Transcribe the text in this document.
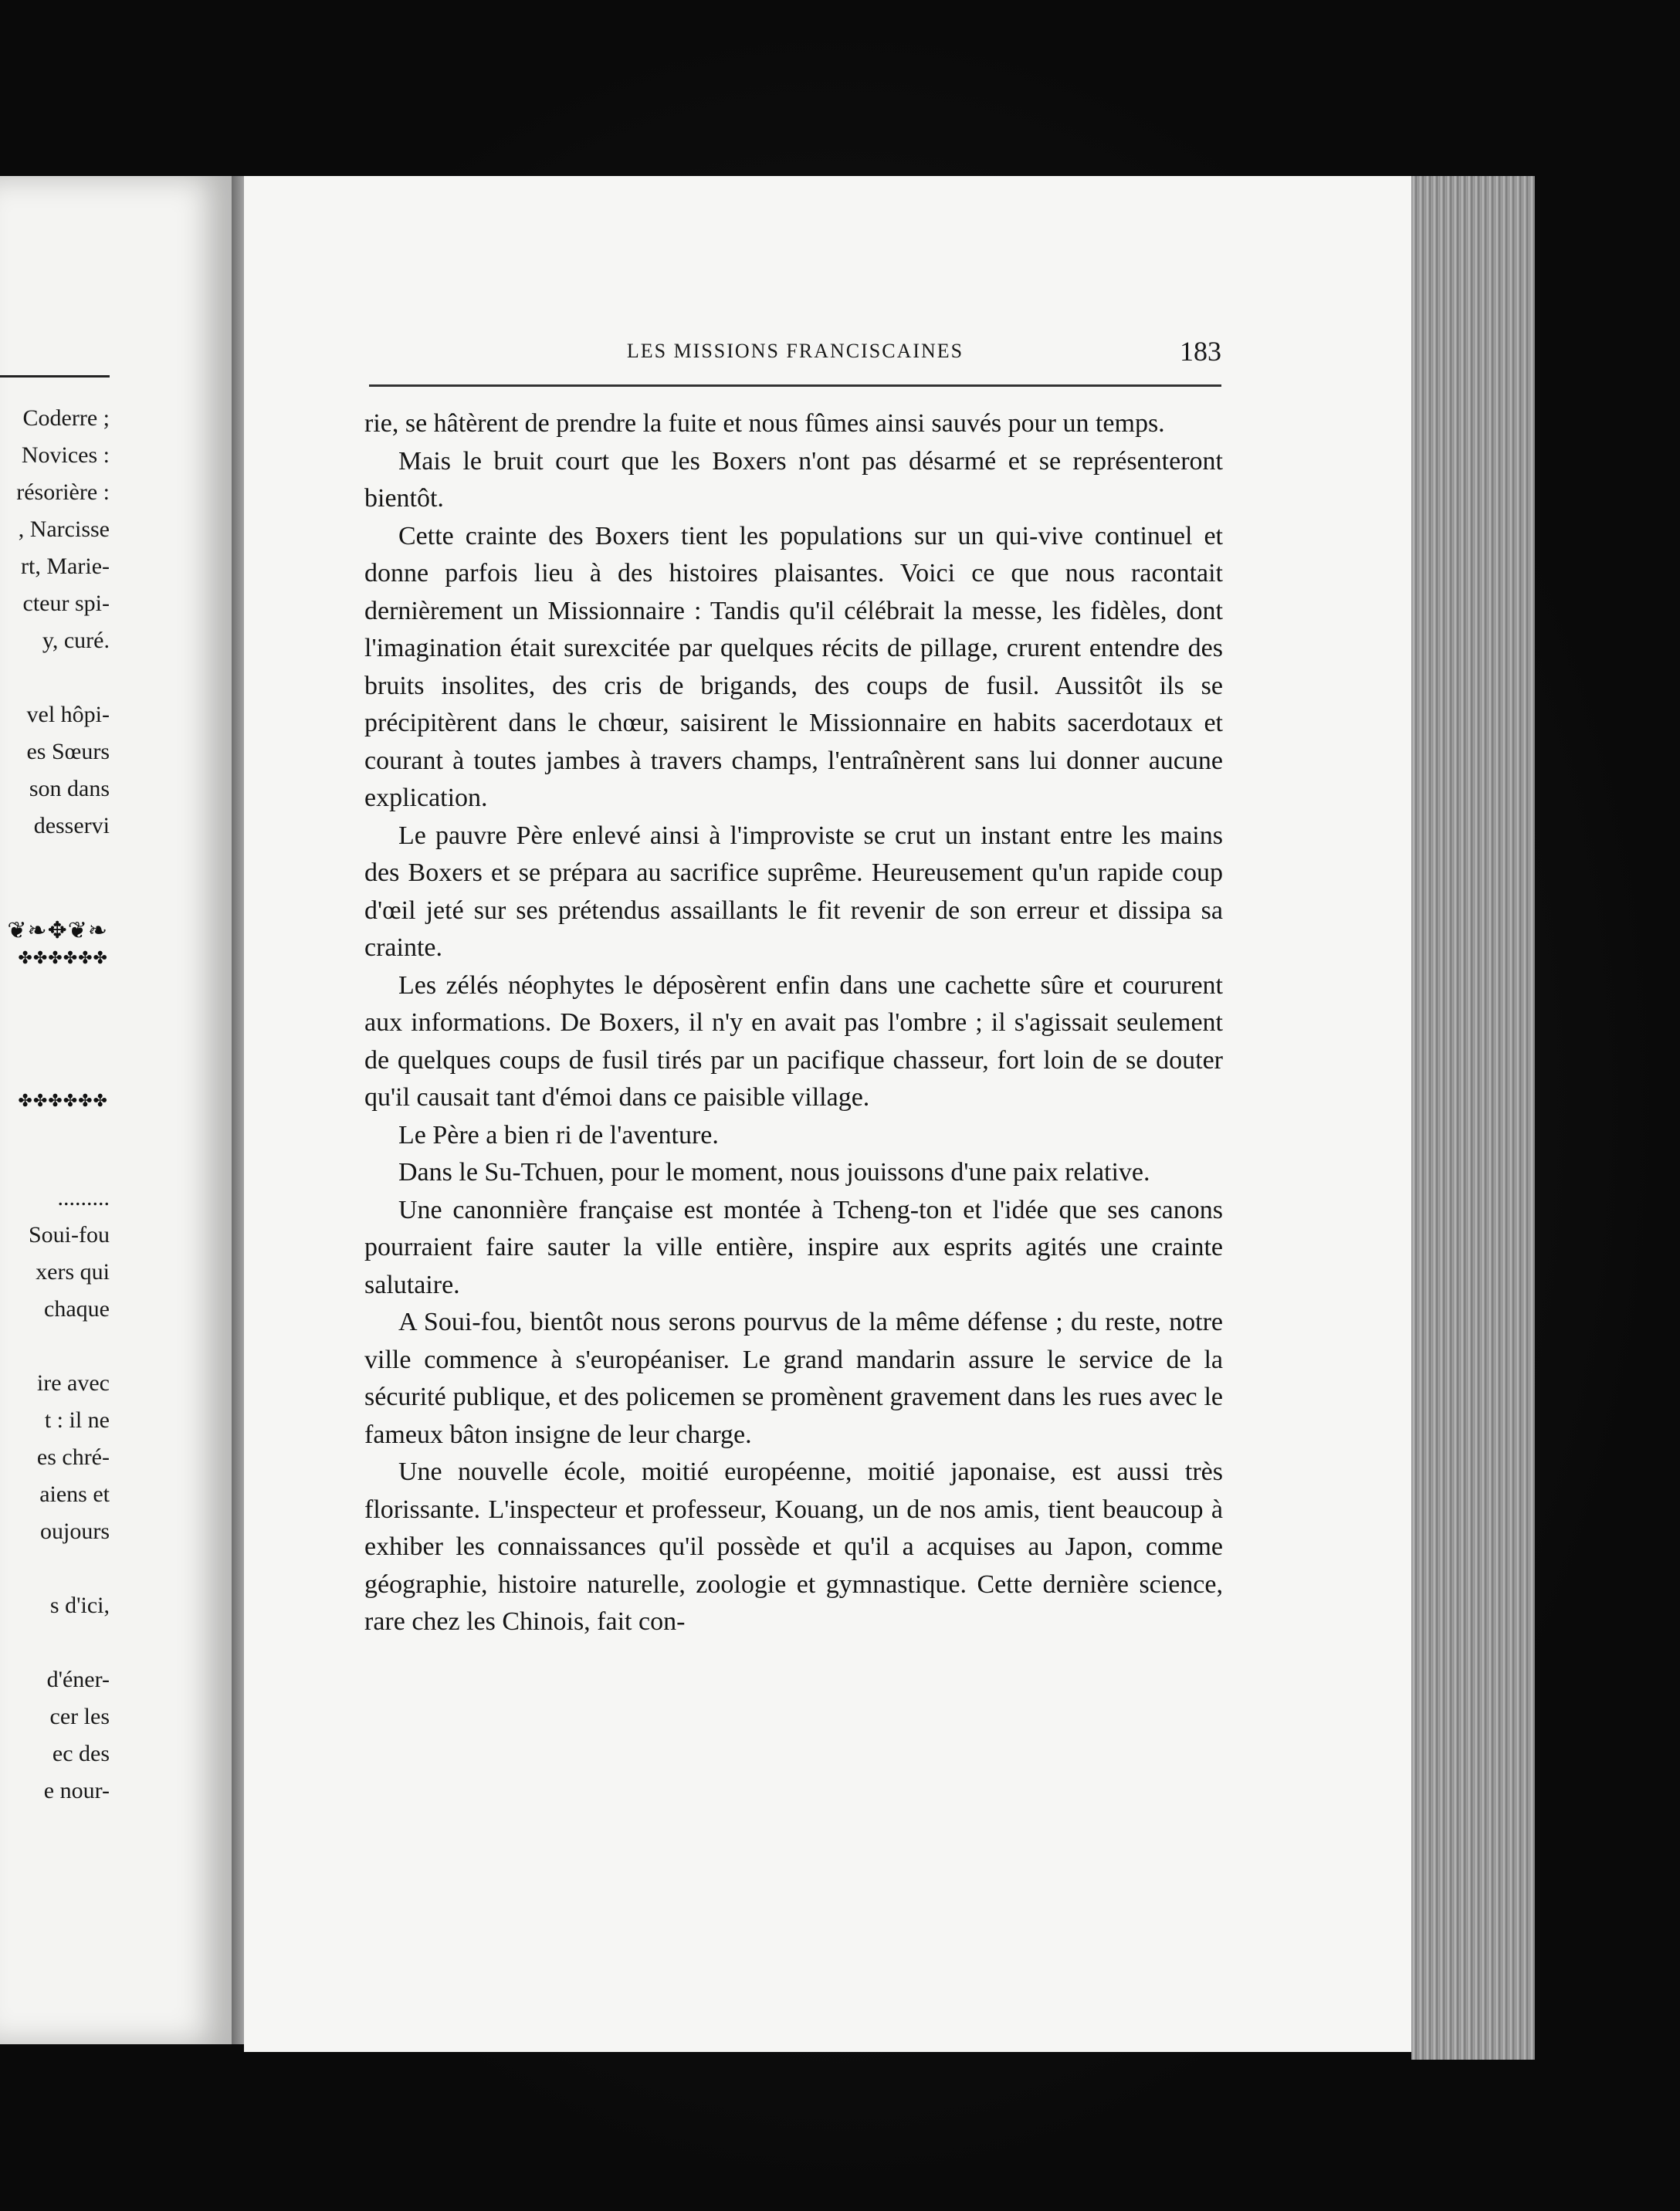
Coderre ;
Novices :
résorière :
, Narcisse
rt, Marie-
cteur spi-
y, curé.
vel hôpi-
es Sœurs
son dans
desservi
❦❧✥❦❧
✤✤✤✤✤✤
✤✤✤✤✤✤
.........
Soui-fou
xers qui
chaque
ire avec
t : il ne
es chré-
aiens et
oujours
s d'ici,
d'éner-
cer les
ec des
e nour-
LES MISSIONS FRANCISCAINES	183

rie, se hâtèrent de prendre la fuite et nous fûmes ainsi sauvés pour un temps.

Mais le bruit court que les Boxers n'ont pas désarmé et se représenteront bientôt.

Cette crainte des Boxers tient les populations sur un qui-vive continuel et donne parfois lieu à des histoires plaisantes. Voici ce que nous racontait dernièrement un Missionnaire : Tandis qu'il célébrait la messe, les fidèles, dont l'imagination était surexcitée par quelques récits de pillage, crurent entendre des bruits insolites, des cris de brigands, des coups de fusil. Aussitôt ils se précipitèrent dans le chœur, saisirent le Missionnaire en habits sacerdotaux et courant à toutes jambes à travers champs, l'entraînèrent sans lui donner aucune explication.

Le pauvre Père enlevé ainsi à l'improviste se crut un instant entre les mains des Boxers et se prépara au sacrifice suprême. Heureusement qu'un rapide coup d'œil jeté sur ses prétendus assaillants le fit revenir de son erreur et dissipa sa crainte.

Les zélés néophytes le déposèrent enfin dans une cachette sûre et coururent aux informations. De Boxers, il n'y en avait pas l'ombre ; il s'agissait seulement de quelques coups de fusil tirés par un pacifique chasseur, fort loin de se douter qu'il causait tant d'émoi dans ce paisible village.

Le Père a bien ri de l'aventure.

Dans le Su-Tchuen, pour le moment, nous jouissons d'une paix relative.

Une canonnière française est montée à Tcheng-ton et l'idée que ses canons pourraient faire sauter la ville entière, inspire aux esprits agités une crainte salutaire.

A Soui-fou, bientôt nous serons pourvus de la même défense ; du reste, notre ville commence à s'européaniser. Le grand mandarin assure le service de la sécurité publique, et des policemen se promènent gravement dans les rues avec le fameux bâton insigne de leur charge.

Une nouvelle école, moitié européenne, moitié japonaise, est aussi très florissante. L'inspecteur et professeur, Kouang, un de nos amis, tient beaucoup à exhiber les connaissances qu'il possède et qu'il a acquises au Japon, comme géographie, histoire naturelle, zoologie et gymnastique. Cette dernière science, rare chez les Chinois, fait con-
